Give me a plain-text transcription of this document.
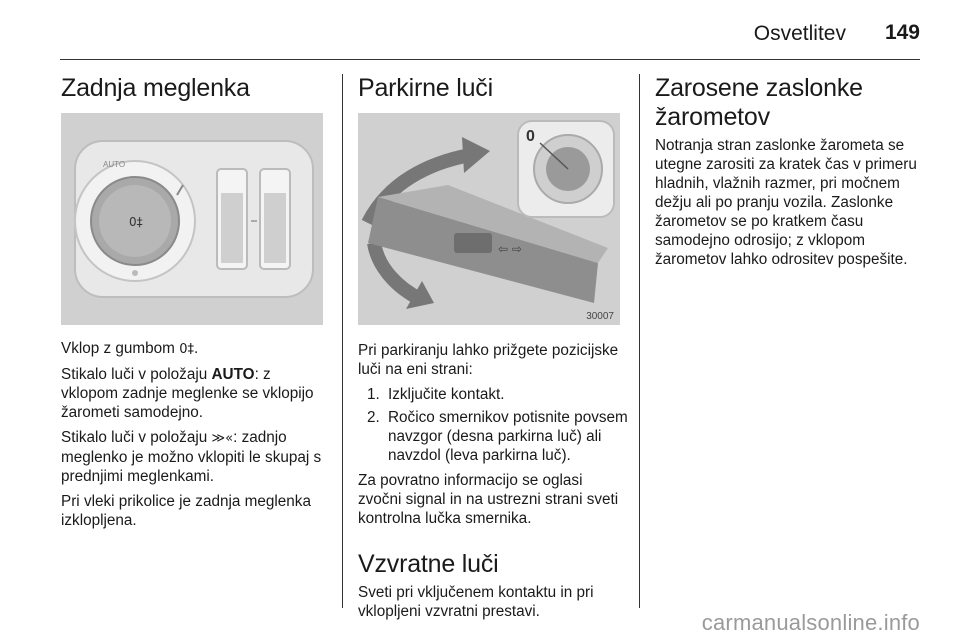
Osvetlitev 149
Zadnja meglenka
AUTO
0‡

Vklop z gumbom 0‡.

Stikalo luči v položaju AUTO: z vklopom zadnje meglenke se vklopijo žarometi samodejno.

Stikalo luči v položaju ≫«: zadnjo meglenko je možno vklopiti le skupaj s prednjimi meglenkami.

Pri vleki prikolice je zadnja meglenka izklopljena.

Parkirne luči
⇦ ⇨
0
30007

Pri parkiranju lahko prižgete pozicijske luči na eni strani:

1. Izključite kontakt.
2. Ročico smernikov potisnite povsem navzgor (desna parkirna luč) ali navzdol (leva parkirna luč).

Za povratno informacijo se oglasi zvočni signal in na ustrezni strani sveti kontrolna lučka smernika.

Vzvratne luči

Sveti pri vključenem kontaktu in pri vklopljeni vzvratni prestavi.

Zarosene zaslonke žarometov

Notranja stran zaslonke žarometa se utegne zarositi za kratek čas v primeru hladnih, vlažnih razmer, pri močnem dežju ali po pranju vozila. Zaslonke žarometov se po kratkem času samodejno odrosijo; z vklopom žarometov lahko odrositev pospešite.

carmanualsonline.info
